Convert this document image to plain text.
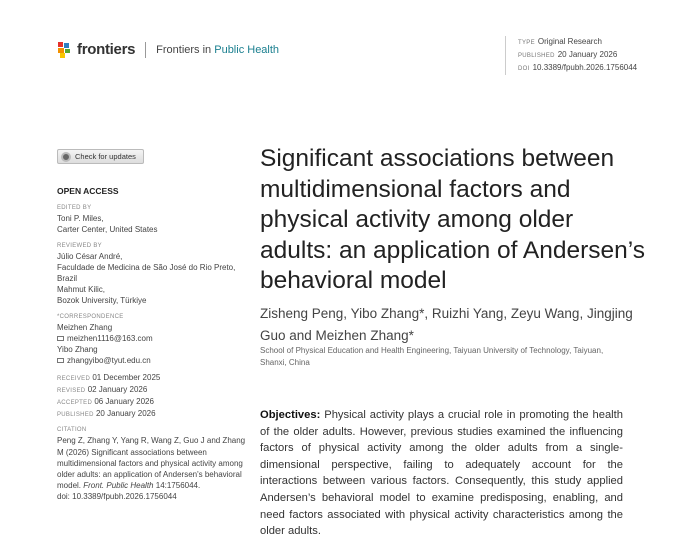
frontiers Frontiers in Public Health
TYPE Original Research
PUBLISHED 20 January 2026
DOI 10.3389/fpubh.2026.1756044
Check for updates
OPEN ACCESS
EDITED BY
Toni P. Miles,
Carter Center, United States
REVIEWED BY
Júlio César André,
Faculdade de Medicina de São José do Rio Preto, Brazil
Mahmut Kilic,
Bozok University, Türkiye
*CORRESPONDENCE
Meizhen Zhang
meizhen1116@163.com
Yibo Zhang
zhangyibo@tyut.edu.cn
RECEIVED 01 December 2025
REVISED 02 January 2026
ACCEPTED 06 January 2026
PUBLISHED 20 January 2026
CITATION
Peng Z, Zhang Y, Yang R, Wang Z, Guo J and Zhang M (2026) Significant associations between multidimensional factors and physical activity among older adults: an application of Andersen's behavioral model. Front. Public Health 14:1756044.
doi: 10.3389/fpubh.2026.1756044
Significant associations between multidimensional factors and physical activity among older adults: an application of Andersen’s behavioral model
Zisheng Peng, Yibo Zhang*, Ruizhi Yang, Zeyu Wang, Jingjing Guo and Meizhen Zhang*
School of Physical Education and Health Engineering, Taiyuan University of Technology, Taiyuan, Shanxi, China

Objectives: Physical activity plays a crucial role in promoting the health of the older adults. However, previous studies examined the influencing factors of physical activity among the older adults from a single-dimensional perspective, failing to adequately account for the interactions between various factors. Consequently, this study applied Andersen’s behavioral model to examine predisposing, enabling, and need factors associated with physical activity characteristics among the older adults.
